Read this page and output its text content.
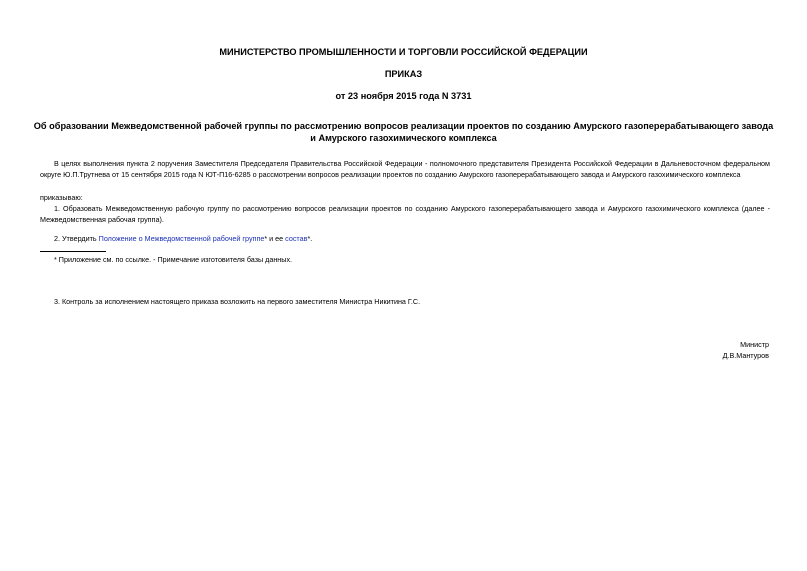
МИНИСТЕРСТВО ПРОМЫШЛЕННОСТИ И ТОРГОВЛИ РОССИЙСКОЙ ФЕДЕРАЦИИ
ПРИКАЗ
от 23 ноября 2015 года N 3731
Об образовании Межведомственной рабочей группы по рассмотрению вопросов реализации проектов по созданию Амурского газоперерабатывающего завода и Амурского газохимического комплекса
В целях выполнения пункта 2 поручения Заместителя Председателя Правительства Российской Федерации - полномочного представителя Президента Российской Федерации в Дальневосточном федеральном округе Ю.П.Трутнева от 15 сентября 2015 года N ЮТ-П16-6285 о рассмотрении вопросов реализации проектов по созданию Амурского газоперерабатывающего завода и Амурского газохимического комплекса
приказываю:
1. Образовать Межведомственную рабочую группу по рассмотрению вопросов реализации проектов по созданию Амурского газоперерабатывающего завода и Амурского газохимического комплекса (далее - Межведомственная рабочая группа).
2. Утвердить Положение о Межведомственной рабочей группе* и ее состав*.
* Приложение см. по ссылке. - Примечание изготовителя базы данных.
3. Контроль за исполнением настоящего приказа возложить на первого заместителя Министра Никитина Г.С.
Министр
Д.В.Мантуров
